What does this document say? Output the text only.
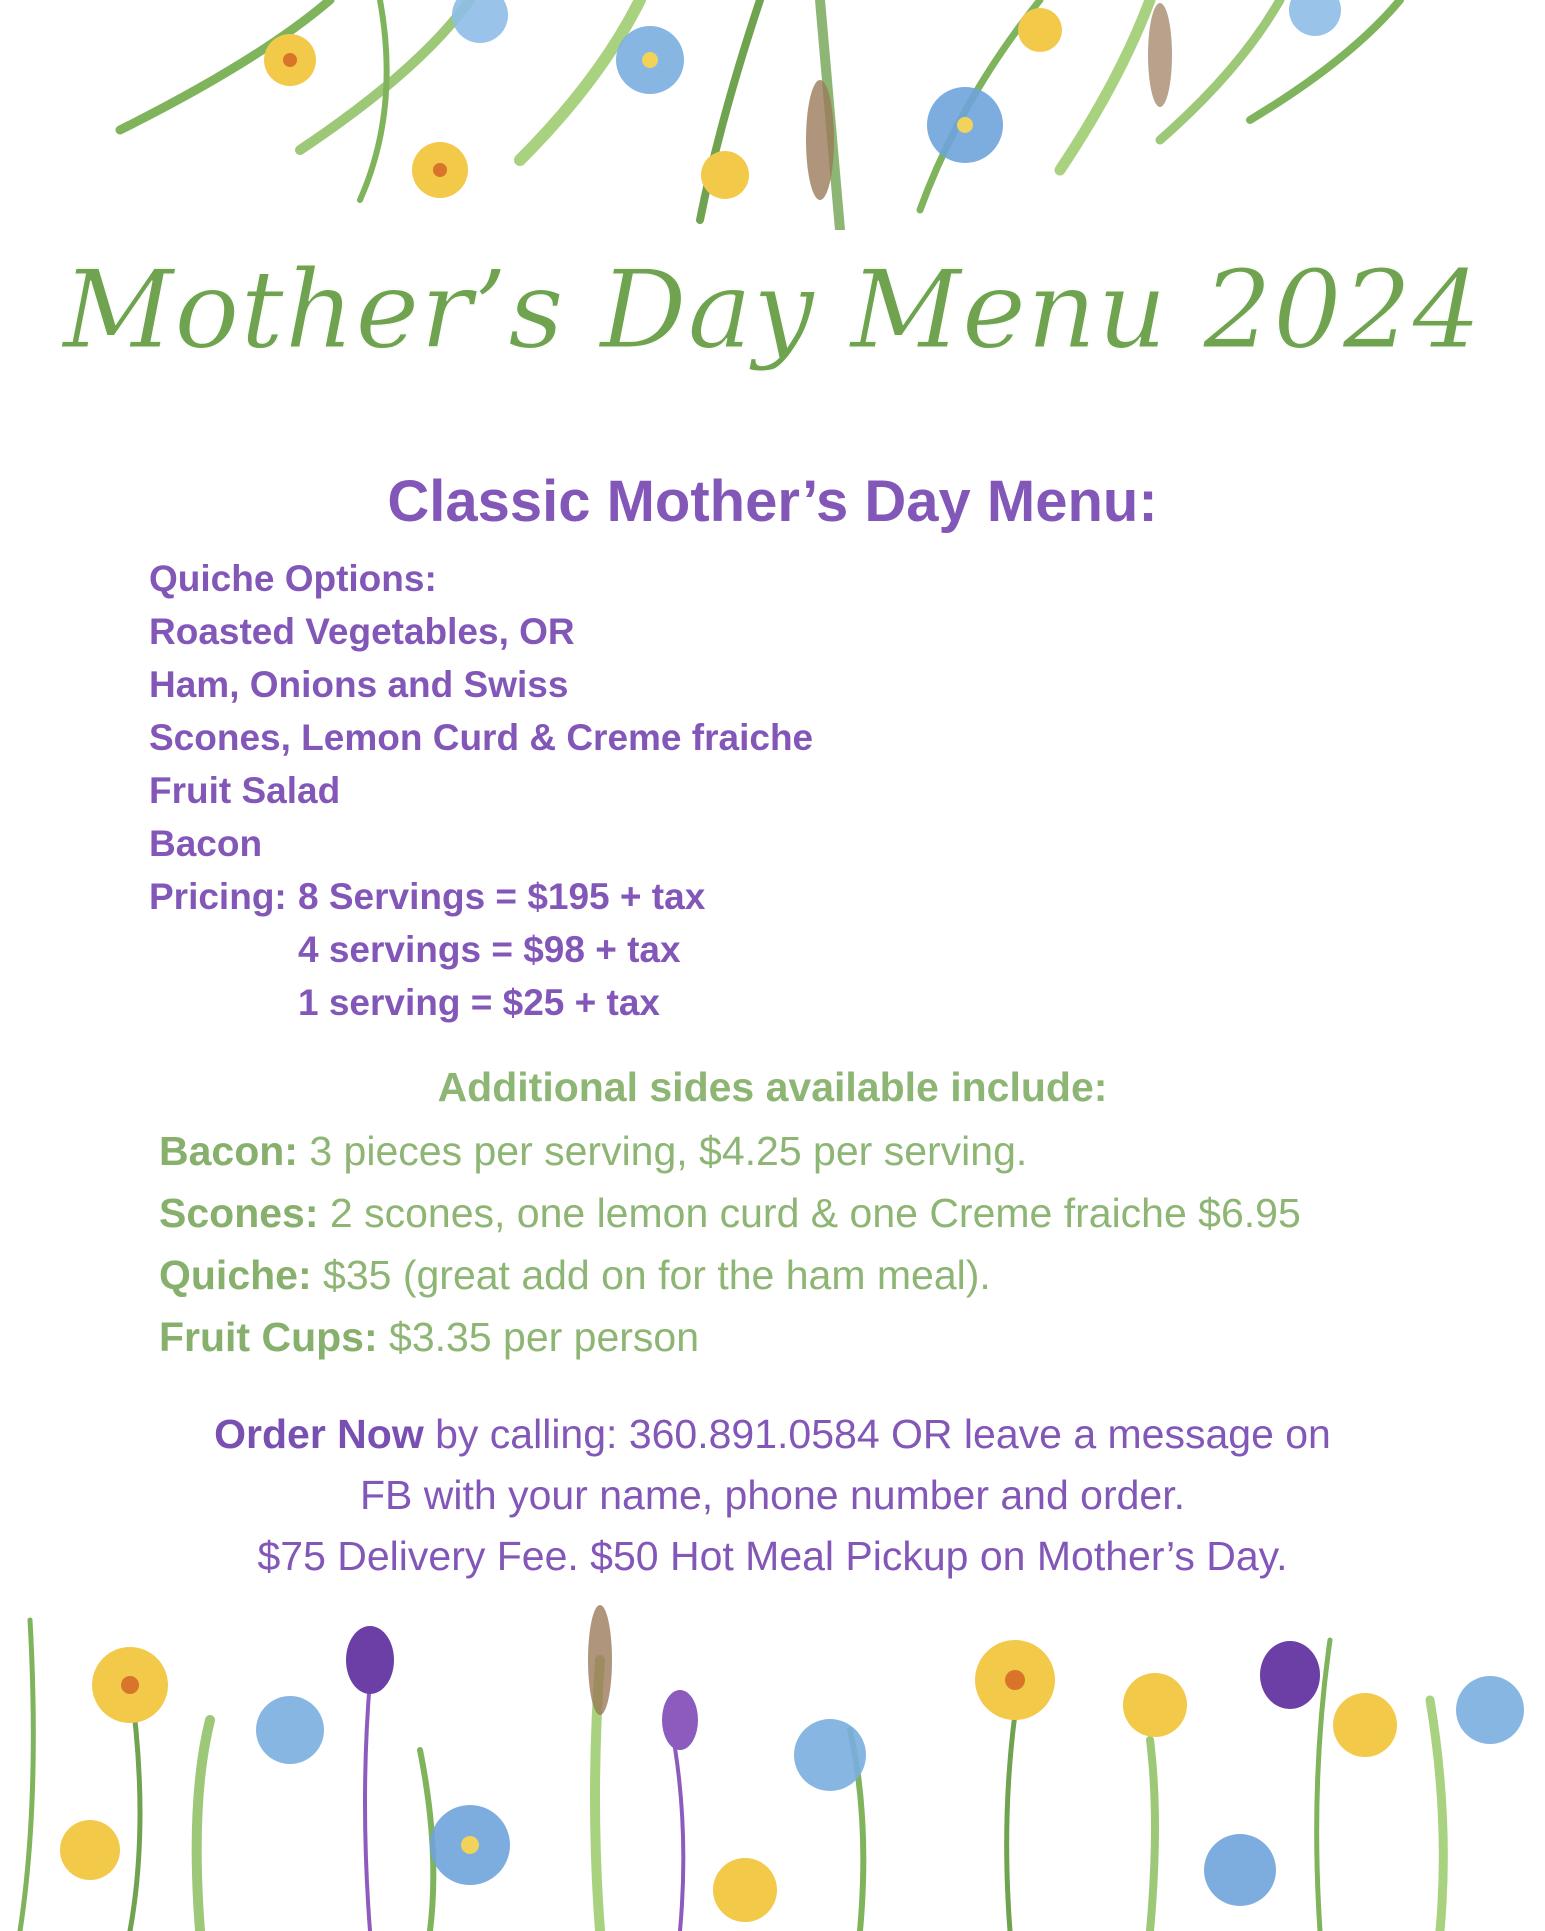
Mother’s Day Menu 2024
Classic Mother’s Day Menu:
Quiche Options:
Roasted Vegetables, OR
Ham, Onions and Swiss
Scones, Lemon Curd & Creme fraiche
Fruit Salad
Bacon
Pricing: 8 Servings = $195 + tax
4 servings = $98 + tax
1 serving = $25 + tax
Additional sides available include:
Bacon: 3 pieces per serving, $4.25 per serving.
Scones: 2 scones, one lemon curd & one Creme fraiche $6.95
Quiche: $35 (great add on for the ham meal).
Fruit Cups: $3.35 per person
Order Now by calling: 360.891.0584 OR leave a message on
FB with your name, phone number and order.
$75 Delivery Fee. $50 Hot Meal Pickup on Mother’s Day.
